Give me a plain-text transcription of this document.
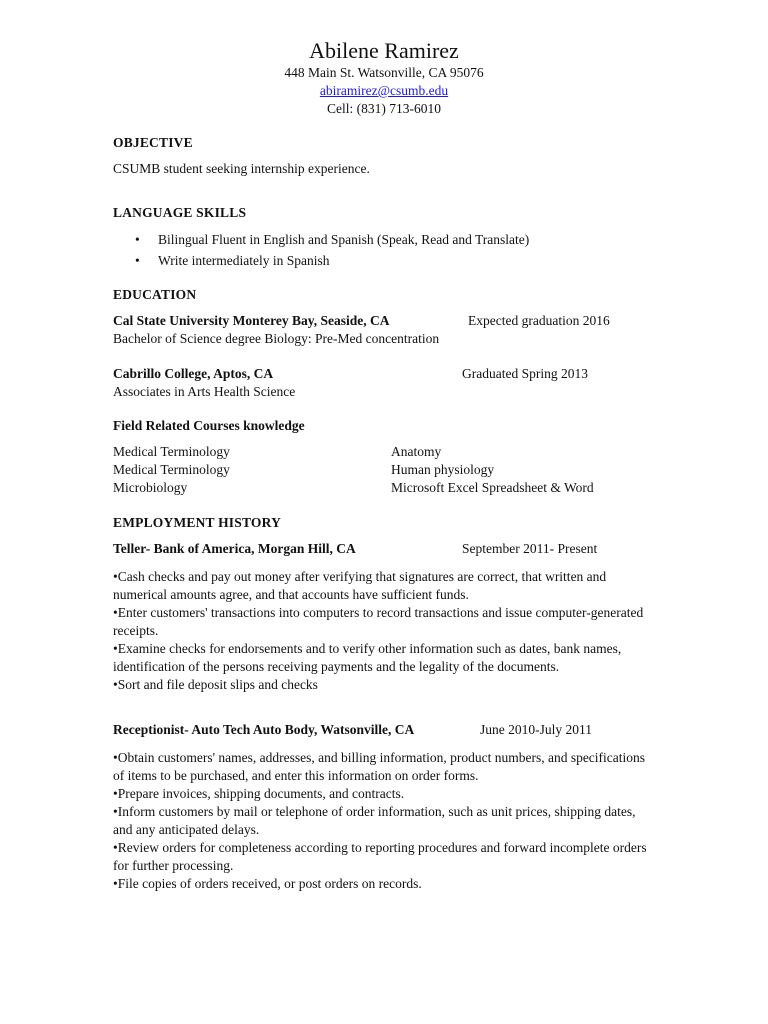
Abilene Ramirez
448 Main St. Watsonville, CA 95076
abiramirez@csumb.edu
Cell: (831) 713-6010
OBJECTIVE
CSUMB student seeking internship experience.
LANGUAGE SKILLS
• Bilingual Fluent in English and Spanish (Speak, Read and Translate)
• Write intermediately in Spanish
EDUCATION
Cal State University Monterey Bay, Seaside, CA	Expected graduation 2016
Bachelor of Science degree Biology: Pre-Med concentration
Cabrillo College, Aptos, CA	Graduated Spring 2013
Associates in Arts Health Science
Field Related Courses knowledge
Medical Terminology	Anatomy
Medical Terminology	Human physiology
Microbiology	Microsoft Excel Spreadsheet & Word
EMPLOYMENT HISTORY
Teller- Bank of America, Morgan Hill, CA	September 2011- Present

•Cash checks and pay out money after verifying that signatures are correct, that written and numerical amounts agree, and that accounts have sufficient funds.

•Enter customers' transactions into computers to record transactions and issue computer-generated receipts.

•Examine checks for endorsements and to verify other information such as dates, bank names, identification of the persons receiving payments and the legality of the documents.

•Sort and file deposit slips and checks

Receptionist- Auto Tech Auto Body, Watsonville, CA	June 2010-July 2011

•Obtain customers' names, addresses, and billing information, product numbers, and specifications of items to be purchased, and enter this information on order forms.

•Prepare invoices, shipping documents, and contracts.

•Inform customers by mail or telephone of order information, such as unit prices, shipping dates, and any anticipated delays.

•Review orders for completeness according to reporting procedures and forward incomplete orders for further processing.

•File copies of orders received, or post orders on records.
